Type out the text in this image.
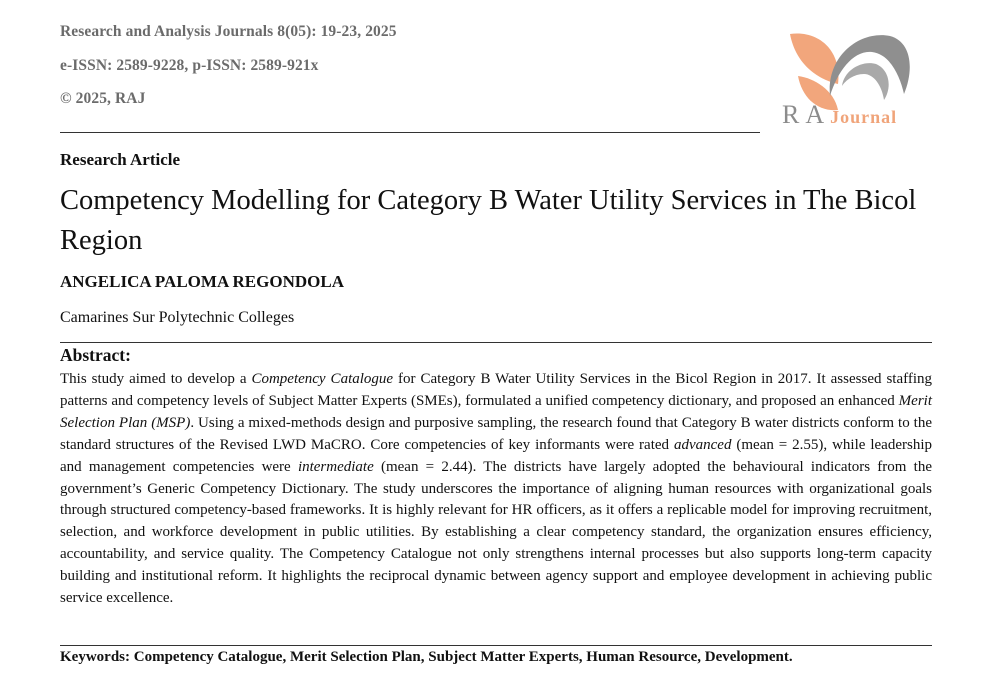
Research and Analysis Journals 8(05): 19-23, 2025
e-ISSN: 2589-9228, p-ISSN: 2589-921x
© 2025, RAJ
RAJournal
Research Article
Competency Modelling for Category B Water Utility Services in The Bicol Region
ANGELICA PALOMA REGONDOLA
Camarines Sur Polytechnic Colleges
Abstract:
This study aimed to develop a Competency Catalogue for Category B Water Utility Services in the Bicol Region in 2017. It assessed staffing patterns and competency levels of Subject Matter Experts (SMEs), formulated a unified competency dictionary, and proposed an enhanced Merit Selection Plan (MSP). Using a mixed-methods design and purposive sampling, the research found that Category B water districts conform to the standard structures of the Revised LWD MaCRO. Core competencies of key informants were rated advanced (mean = 2.55), while leadership and management competencies were intermediate (mean = 2.44). The districts have largely adopted the behavioural indicators from the government’s Generic Competency Dictionary. The study underscores the importance of aligning human resources with organizational goals through structured competency-based frameworks. It is highly relevant for HR officers, as it offers a replicable model for improving recruitment, selection, and workforce development in public utilities. By establishing a clear competency standard, the organization ensures efficiency, accountability, and service quality. The Competency Catalogue not only strengthens internal processes but also supports long-term capacity building and institutional reform. It highlights the reciprocal dynamic between agency support and employee development in achieving public service excellence.
Keywords: Competency Catalogue, Merit Selection Plan, Subject Matter Experts, Human Resource, Development.
